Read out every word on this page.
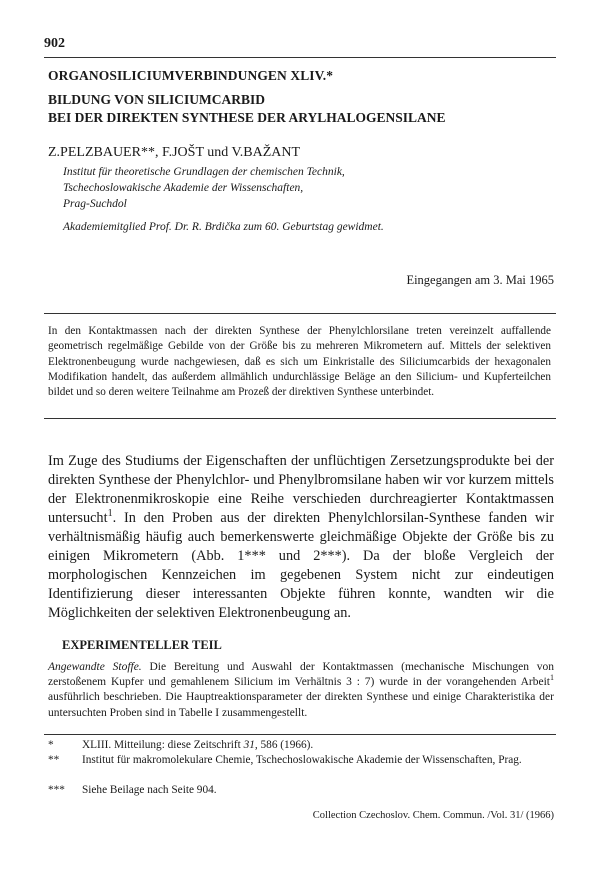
902
ORGANOSILICIUMVERBINDUNGEN XLIV.*
BILDUNG VON SILICIUMCARBID
BEI DER DIREKTEN SYNTHESE DER ARYLHALOGENSILANE
Z.PELZBAUER**, F.JOŠT und V.BAŽANT
Institut für theoretische Grundlagen der chemischen Technik,
Tschechoslowakische Akademie der Wissenschaften,
Prag-Suchdol
Akademiemitglied Prof. Dr. R. Brdička zum 60. Geburtstag gewidmet.
Eingegangen am 3. Mai 1965
In den Kontaktmassen nach der direkten Synthese der Phenylchlorsilane treten vereinzelt auffallende geometrisch regelmäßige Gebilde von der Größe bis zu mehreren Mikrometern auf. Mittels der selektiven Elektronenbeugung wurde nachgewiesen, daß es sich um Einkristalle des Siliciumcarbids der hexagonalen Modifikation handelt, das außerdem allmählich undurchlässige Beläge an den Silicium- und Kupferteilchen bildet und so deren weitere Teilnahme am Prozeß der direktiven Synthese unterbindet.
Im Zuge des Studiums der Eigenschaften der unflüchtigen Zersetzungsprodukte bei der direkten Synthese der Phenylchlor- und Phenylbromsilane haben wir vor kurzem mittels der Elektronenmikroskopie eine Reihe verschieden durchreagierter Kontaktmassen untersucht$^1$. In den Proben aus der direkten Phenylchlorsilan-Synthese fanden wir verhältnismäßig häufig auch bemerkenswerte gleichmäßige Objekte der Größe bis zu einigen Mikrometern (Abb. 1*** und 2***). Da der bloße Vergleich der morphologischen Kennzeichen im gegebenen System nicht zur eindeutigen Identifizierung dieser interessanten Objekte führen konnte, wandten wir die Möglichkeiten der selektiven Elektronenbeugung an.
EXPERIMENTELLER TEIL
Angewandte Stoffe. Die Bereitung und Auswahl der Kontaktmassen (mechanische Mischungen von zerstoßenem Kupfer und gemahlenem Silicium im Verhältnis 3 : 7) wurde in der vorangehenden Arbeit$^1$ ausführlich beschrieben. Die Hauptreaktionsparameter der direkten Synthese und einige Charakteristika der untersuchten Proben sind in Tabelle I zusammengestellt.
*	XLIII. Mitteilung: diese Zeitschrift 31, 586 (1966).
** Institut für makromolekulare Chemie, Tschechoslowakische Akademie der Wissenschaften, Prag.
*** Siehe Beilage nach Seite 904.
Collection Czechoslov. Chem. Commun. /Vol. 31/ (1966)
